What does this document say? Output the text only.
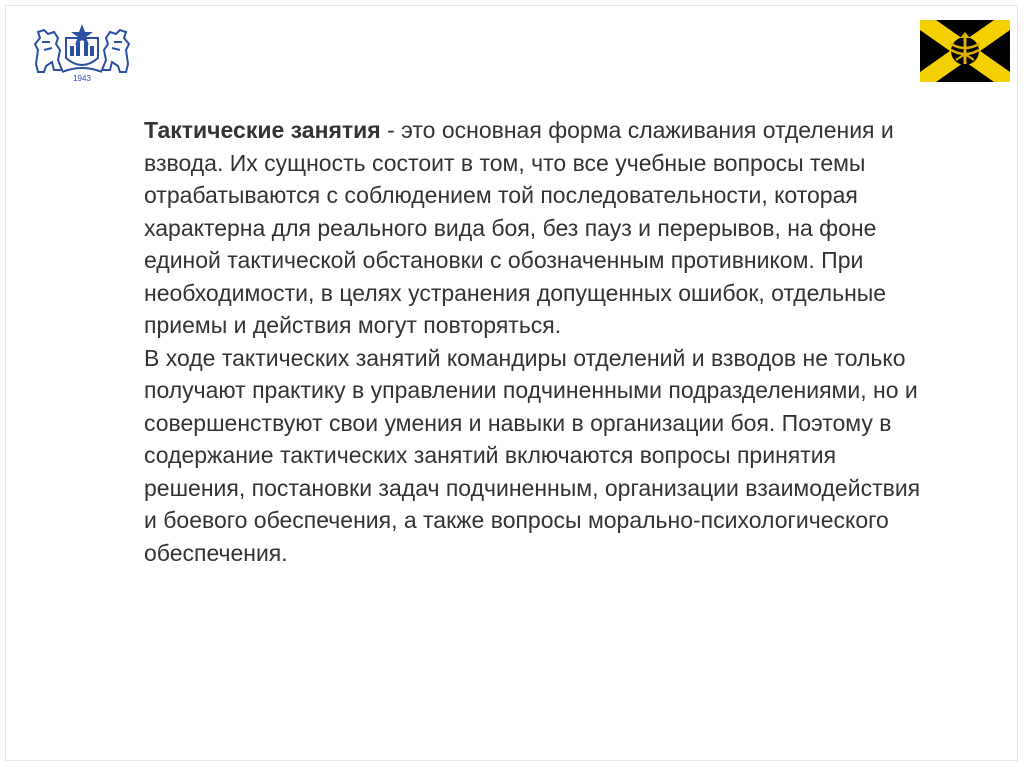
1943

Тактические занятия - это основная форма слаживания отделения и взвода. Их сущность состоит в том, что все учебные вопросы темы отрабатываются с соблюдением той последовательности, которая характерна для реального вида боя, без пауз и перерывов, на фоне единой тактической обстановки с обозначенным противником. При необходимости, в целях устранения допущенных ошибок, отдельные приемы и действия могут повторяться.

В ходе тактических занятий командиры отделений и взводов не только получают практику в управлении подчиненными подразделениями, но и совершенствуют свои умения и навыки в организации боя. Поэтому в содержание тактических занятий включаются вопросы принятия решения, постановки задач подчиненным, организации взаимодействия и боевого обеспечения, а также вопросы морально-психологического обеспечения.
